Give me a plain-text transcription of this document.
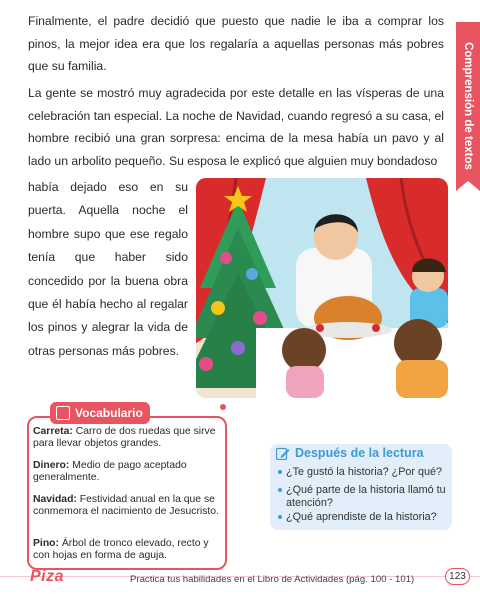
Comprensión de textos

Finalmente, el padre decidió que puesto que nadie le iba a comprar los pinos, la mejor idea era que los regalaría a aquellas personas más pobres que su familia.

La gente se mostró muy agradecida por este detalle en las vísperas de una celebración tan especial. La noche de Navidad, cuando regresó a su casa, el hombre recibió una gran sorpresa: encima de la mesa había un pavo y al lado un arbolito pequeño. Su esposa le explicó que alguien muy bondadoso

había dejado eso en su puerta. Aquella noche el hombre supo que ese regalo tenía que haber sido concedido por la buena obra que él había hecho al regalar los pinos y alegrar la vida de otras personas más pobres.

Vocabulario

Carreta: Carro de dos ruedas que sirve para llevar objetos grandes.

Dinero: Medio de pago aceptado generalmente.

Navidad: Festividad anual en la que se conmemora el nacimiento de Jesucristo.

Pino: Árbol de tronco elevado, recto y con hojas en forma de aguja.

Después de la lectura

¿Te gustó la historia? ¿Por qué?

¿Qué parte de la historia llamó tu atención?

¿Qué aprendiste de la historia?

Piza	Practica tus habilidades en el Libro de Actividades (pág. 100 - 101)	123
